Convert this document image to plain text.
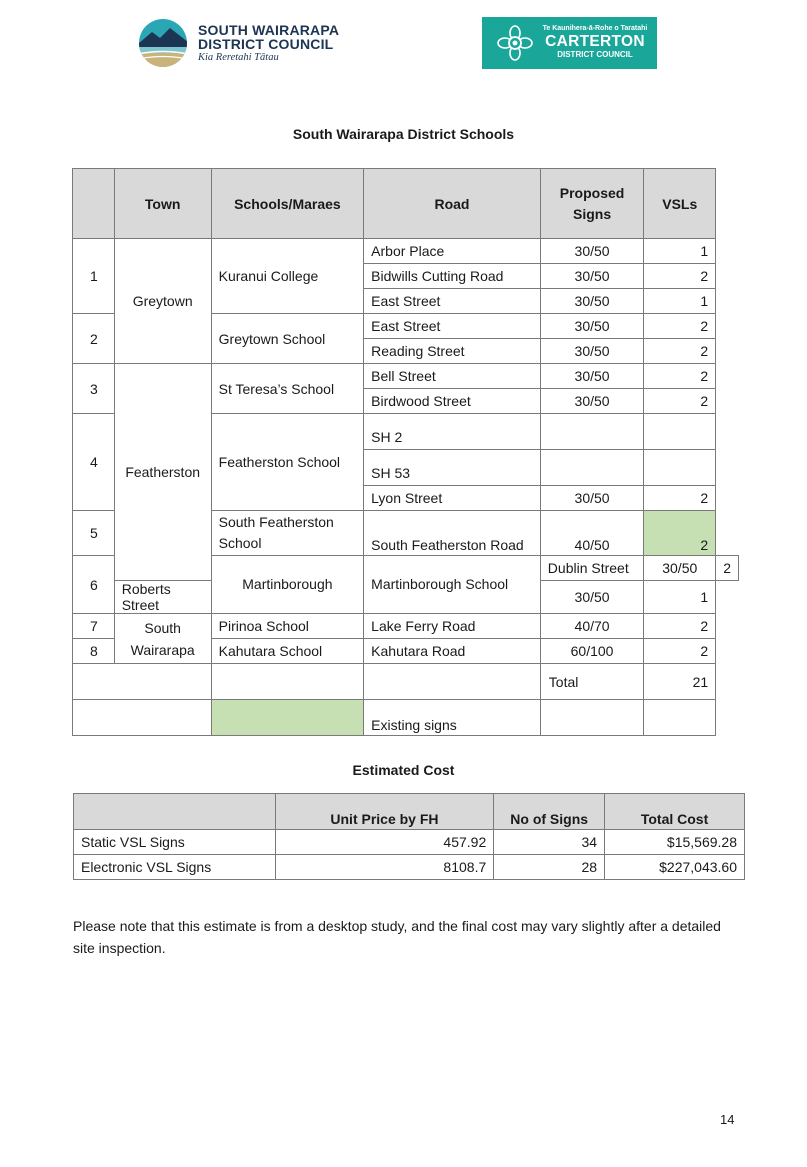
SOUTH WAIRARAPA
DISTRICT COUNCIL
Kia Reretahi Tātau
Te Kaunihera-ā-Rohe o Taratahi
CARTERTON
DISTRICT COUNCIL
South Wairarapa District Schools
	Town	Schools/Maraes	Road	Proposed Signs	VSLs	
1	Greytown	Kuranui College	Arbor Place	30/50	1	
			Bidwills Cutting Road	30/50	2	
			East Street	30/50	1	
2		Greytown School	East Street	30/50	2	
			Reading Street	30/50	2	
3	Featherston	St Teresa’s School	Bell Street	30/50	2	
			Birdwood Street	30/50	2	
4		Featherston School	SH 2			
			SH 53			
			Lyon Street	30/50	2	
5		South Featherston School	South Featherston Road	40/50	2	
6		Martinborough	Martinborough School	Dublin Street	30/50	2
	Roberts Street			30/50	1	
7	South Wairarapa	Pirinoa School	Lake Ferry Road	40/70	2	
8		Kahutara School	Kahutara Road	60/100	2	
				Total	21	
			Existing signs			
Estimated Cost
	Unit Price by FH	No of Signs	Total Cost
Static VSL Signs	457.92	34	$15,569.28
Electronic VSL Signs	8108.7	28	$227,043.60
Please note that this estimate is from a desktop study, and the final cost may vary slightly after a detailed site inspection.
14
